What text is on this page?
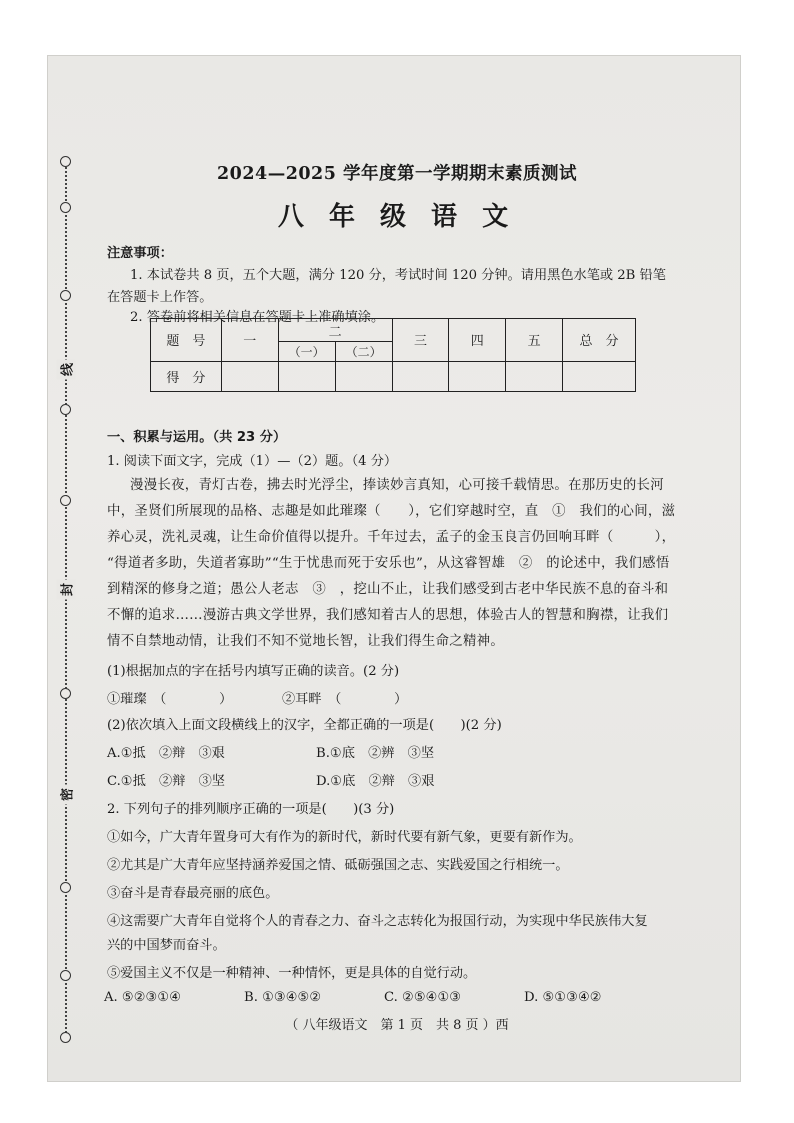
线
封
密
2024—2025 学年度第一学期期末素质测试
八 年 级 语 文
注意事项：
1. 本试卷共 8 页，五个大题，满分 120 分，考试时间 120 分钟。请用黑色水笔或 2B 铅笔
在答题卡上作答。
2. 答卷前将相关信息在答题卡上准确填涂。
题　号	一	二		三	四	五	总　分
		（一）	（二）				
得　分							
一、积累与运用。（共 23 分）
1. 阅读下面文字，完成（1）—（2）题。（4 分）
漫漫长夜，青灯古卷，拂去时光浮尘，捧读妙言真知，心可接千载情思。在那历史的长河
中，圣贤们所展现的品格、志趣是如此璀璨（　　），它们穿越时空，直　①　我们的心间，滋
养心灵，洗礼灵魂，让生命价值得以提升。千年过去，孟子的金玉良言仍回响耳畔（　　　），
“得道者多助，失道者寡助”“生于忧患而死于安乐也”，从这睿智雄　②　的论述中，我们感悟
到精深的修身之道；愚公人老志　③　，挖山不止，让我们感受到古老中华民族不息的奋斗和
不懈的追求……漫游古典文学世界，我们感知着古人的思想，体验古人的智慧和胸襟，让我们
情不自禁地动情，让我们不知不觉地长智，让我们得生命之精神。
(1)根据加点的字在括号内填写正确的读音。(2 分)
①璀璨　（　　　　）	②耳畔　（　　　　）
(2)依次填入上面文段横线上的汉字，全都正确的一项是(　　)(2 分)
A.①抵　②辩　③艰	B.①底　②辨　③坚
C.①抵　②辩　③坚	D.①底　②辩　③艰
2. 下列句子的排列顺序正确的一项是(　　)(3 分)
①如今，广大青年置身可大有作为的新时代，新时代要有新气象，更要有新作为。
②尤其是广大青年应坚持涵养爱国之情、砥砺强国之志、实践爱国之行相统一。
③奋斗是青春最亮丽的底色。
④这需要广大青年自觉将个人的青春之力、奋斗之志转化为报国行动，为实现中华民族伟大复
兴的中国梦而奋斗。
⑤爱国主义不仅是一种精神、一种情怀，更是具体的自觉行动。
A. ⑤②③①④	B. ①③④⑤②	C. ②⑤④①③	D. ⑤①③④②
（ 八年级语文　第 1 页　共 8 页 ）西
